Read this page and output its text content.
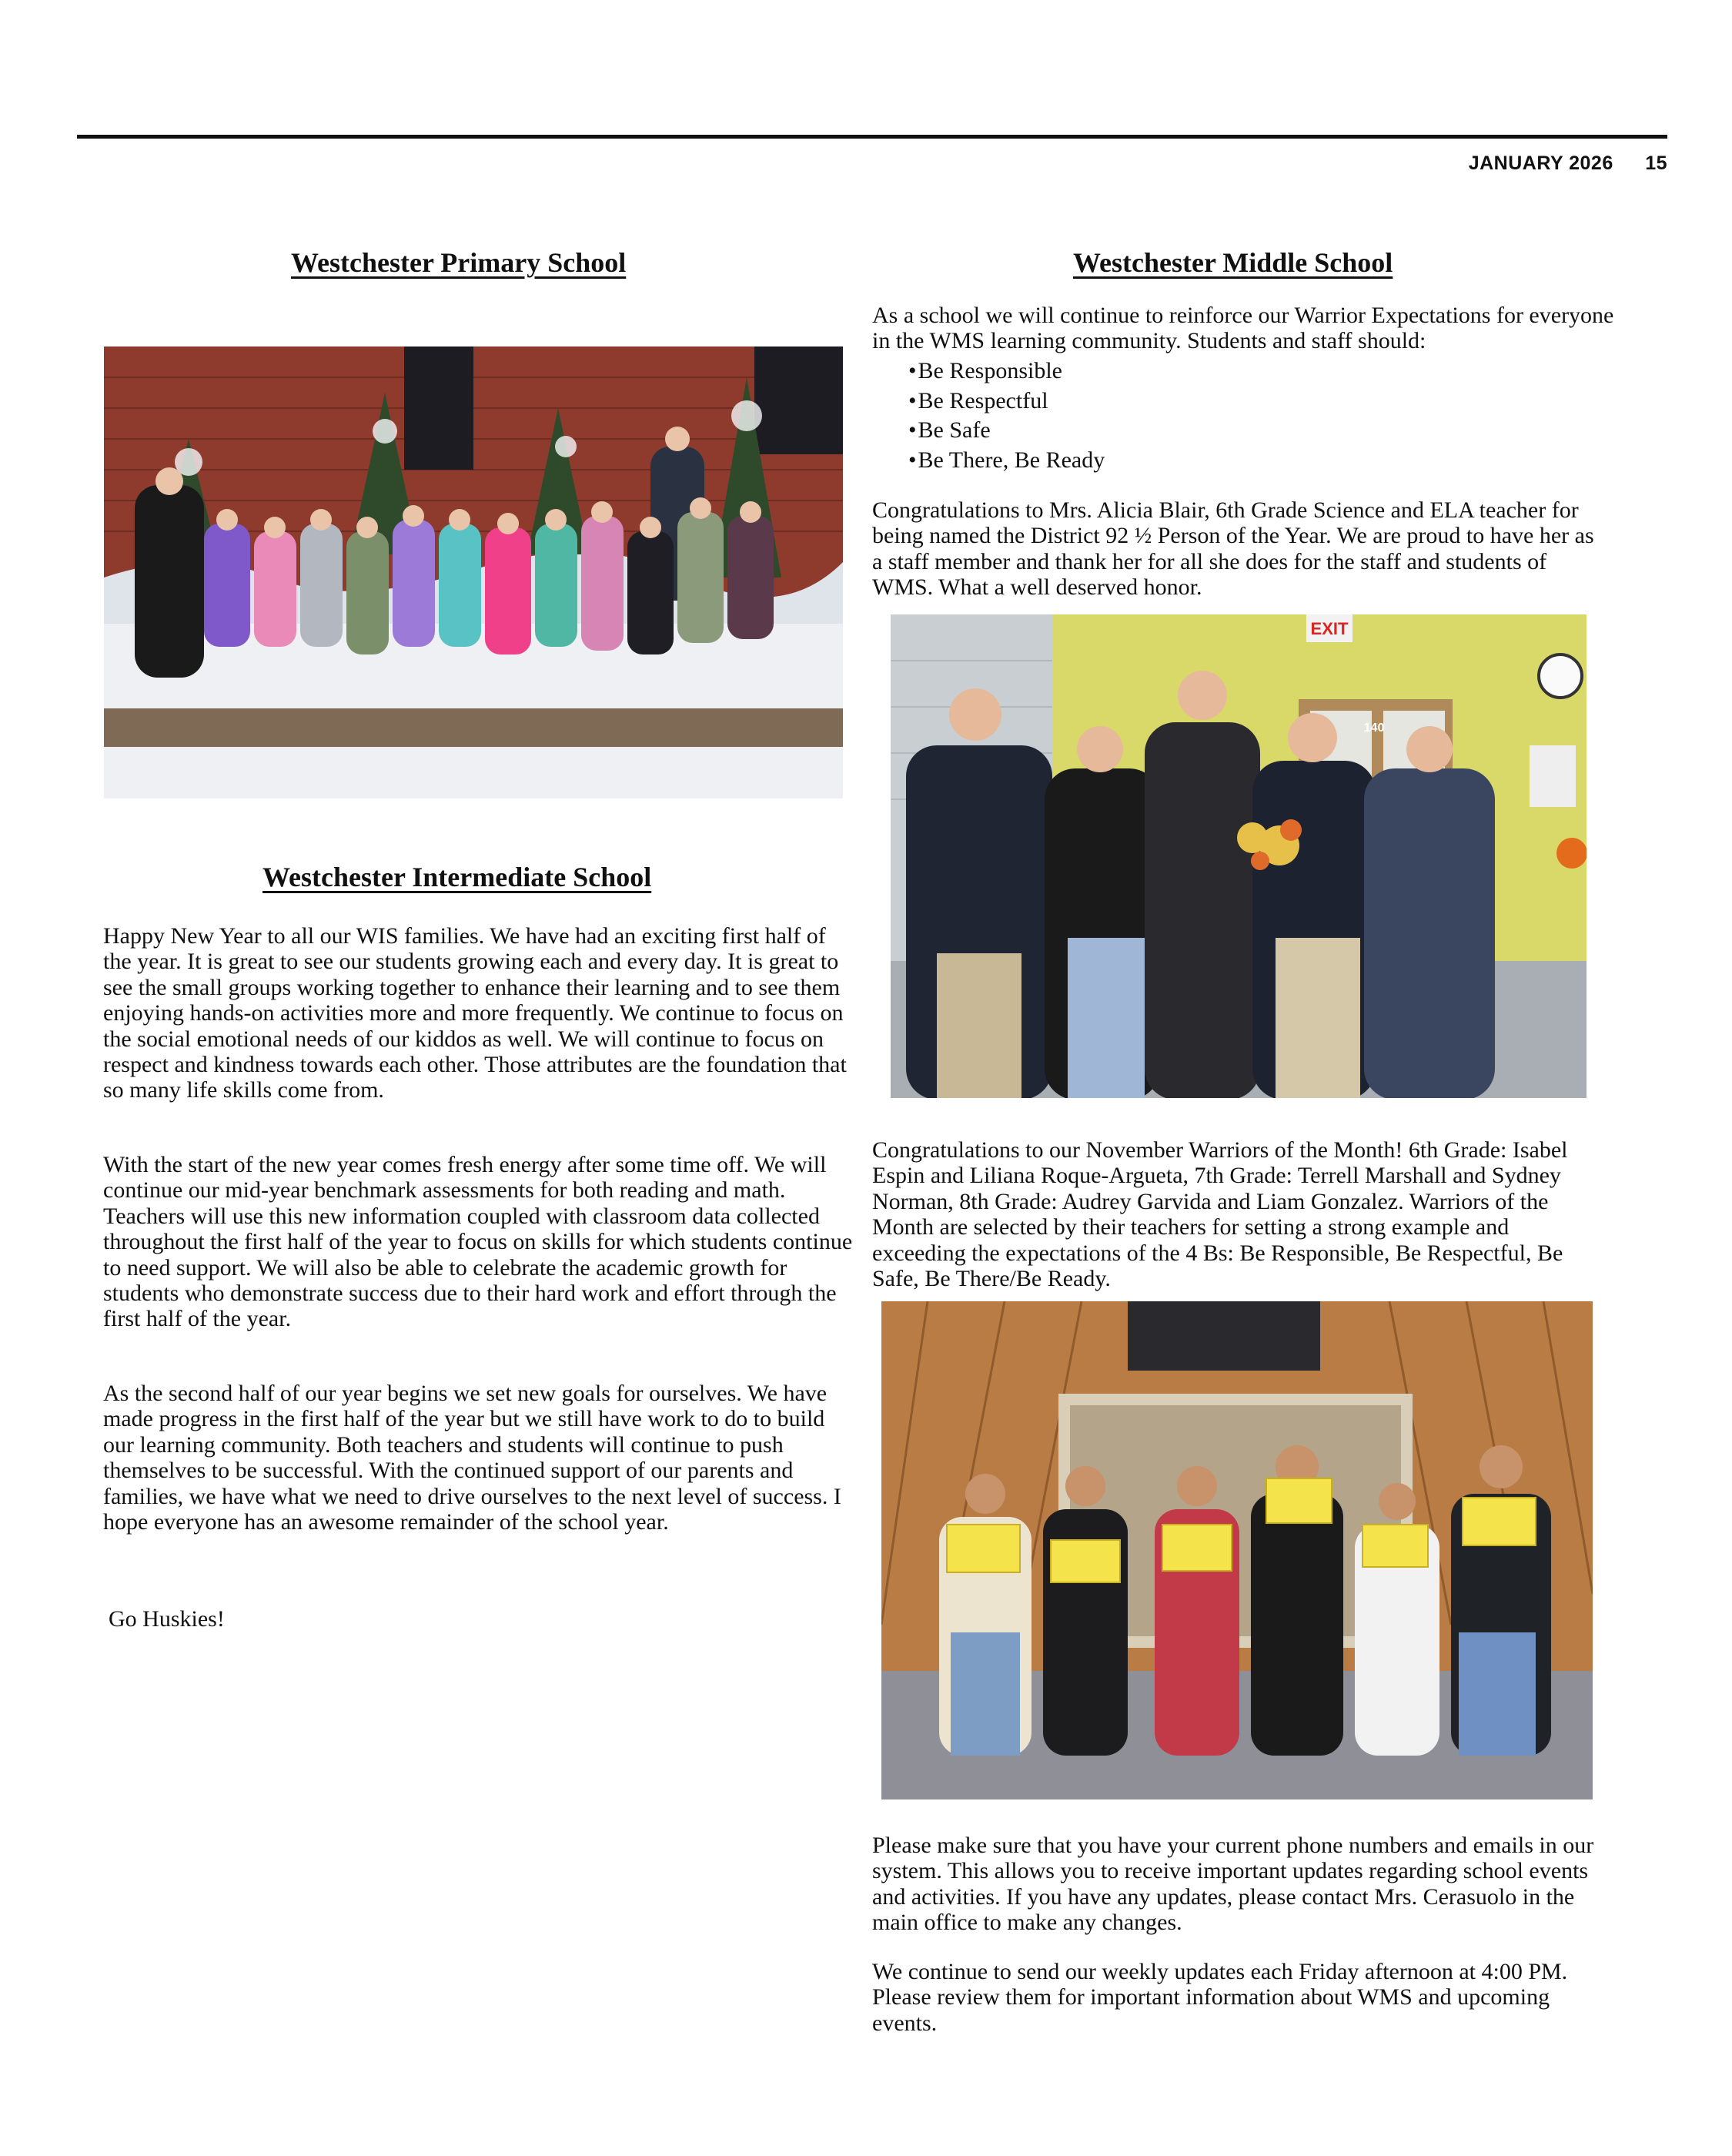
JANUARY 2026 15
Westchester Primary School
Westchester Intermediate School

Happy New Year to all our WIS families. We have had an exciting first half of the year. It is great to see our students growing each and every day. It is great to see the small groups working together to enhance their learning and to see them enjoying hands-on activities more and more frequently. We continue to focus on the social emotional needs of our kiddos as well. We will continue to focus on respect and kindness towards each other. Those attributes are the foundation that so many life skills come from.

With the start of the new year comes fresh energy after some time off. We will continue our mid-year benchmark assessments for both reading and math. Teachers will use this new information coupled with classroom data collected throughout the first half of the year to focus on skills for which students continue to need support. We will also be able to celebrate the academic growth for students who demonstrate success due to their hard work and effort through the first half of the year.

As the second half of our year begins we set new goals for ourselves. We have made progress in the first half of the year but we still have work to do to build our learning community. Both teachers and students will continue to push themselves to be successful. With the continued support of our parents and families, we have what we need to drive ourselves to the next level of success. I hope everyone has an awesome remainder of the school year.

Go Huskies!

Westchester Middle School

As a school we will continue to reinforce our Warrior Expectations for everyone in the WMS learning community. Students and staff should:

• Be Responsible
• Be Respectful
• Be Safe
• Be There, Be Ready

Congratulations to Mrs. Alicia Blair, 6th Grade Science and ELA teacher for being named the District 92 ½ Person of the Year. We are proud to have her as a staff member and thank her for all she does for the staff and students of WMS. What a well deserved honor.

EXIT
140

Congratulations to our November Warriors of the Month! 6th Grade: Isabel Espin and Liliana Roque-Argueta, 7th Grade: Terrell Marshall and Sydney Norman, 8th Grade: Audrey Garvida and Liam Gonzalez. Warriors of the Month are selected by their teachers for setting a strong example and exceeding the expectations of the 4 Bs: Be Responsible, Be Respectful, Be Safe, Be There/Be Ready.

Please make sure that you have your current phone numbers and emails in our system. This allows you to receive important updates regarding school events and activities. If you have any updates, please contact Mrs. Cerasuolo in the main office to make any changes.

We continue to send our weekly updates each Friday afternoon at 4:00 PM. Please review them for important information about WMS and upcoming events.
